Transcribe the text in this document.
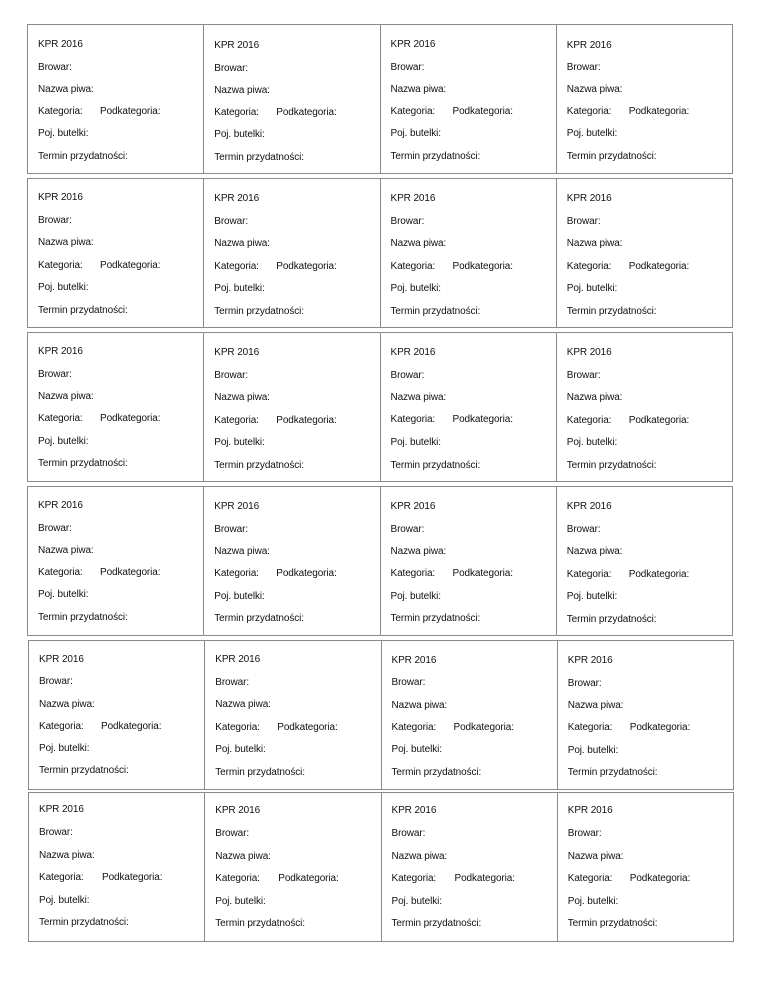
KPR 2016
Browar:
Nazwa piwa:
Kategoria: Podkategoria:
Poj. butelki:
Termin przydatności:
KPR 2016
Browar:
Nazwa piwa:
Kategoria: Podkategoria:
Poj. butelki:
Termin przydatności:
KPR 2016
Browar:
Nazwa piwa:
Kategoria: Podkategoria:
Poj. butelki:
Termin przydatności:
KPR 2016
Browar:
Nazwa piwa:
Kategoria: Podkategoria:
Poj. butelki:
Termin przydatności:
KPR 2016
Browar:
Nazwa piwa:
Kategoria: Podkategoria:
Poj. butelki:
Termin przydatności:
KPR 2016
Browar:
Nazwa piwa:
Kategoria: Podkategoria:
Poj. butelki:
Termin przydatności:
KPR 2016
Browar:
Nazwa piwa:
Kategoria: Podkategoria:
Poj. butelki:
Termin przydatności:
KPR 2016
Browar:
Nazwa piwa:
Kategoria: Podkategoria:
Poj. butelki:
Termin przydatności:
KPR 2016
Browar:
Nazwa piwa:
Kategoria: Podkategoria:
Poj. butelki:
Termin przydatności:
KPR 2016
Browar:
Nazwa piwa:
Kategoria: Podkategoria:
Poj. butelki:
Termin przydatności:
KPR 2016
Browar:
Nazwa piwa:
Kategoria: Podkategoria:
Poj. butelki:
Termin przydatności:
KPR 2016
Browar:
Nazwa piwa:
Kategoria: Podkategoria:
Poj. butelki:
Termin przydatności:
KPR 2016
Browar:
Nazwa piwa:
Kategoria: Podkategoria:
Poj. butelki:
Termin przydatności:
KPR 2016
Browar:
Nazwa piwa:
Kategoria: Podkategoria:
Poj. butelki:
Termin przydatności:
KPR 2016
Browar:
Nazwa piwa:
Kategoria: Podkategoria:
Poj. butelki:
Termin przydatności:
KPR 2016
Browar:
Nazwa piwa:
Kategoria: Podkategoria:
Poj. butelki:
Termin przydatności:
KPR 2016
Browar:
Nazwa piwa:
Kategoria: Podkategoria:
Poj. butelki:
Termin przydatności:
KPR 2016
Browar:
Nazwa piwa:
Kategoria: Podkategoria:
Poj. butelki:
Termin przydatności:
KPR 2016
Browar:
Nazwa piwa:
Kategoria: Podkategoria:
Poj. butelki:
Termin przydatności:
KPR 2016
Browar:
Nazwa piwa:
Kategoria: Podkategoria:
Poj. butelki:
Termin przydatności:
KPR 2016
Browar:
Nazwa piwa:
Kategoria: Podkategoria:
Poj. butelki:
Termin przydatności:
KPR 2016
Browar:
Nazwa piwa:
Kategoria: Podkategoria:
Poj. butelki:
Termin przydatności:
KPR 2016
Browar:
Nazwa piwa:
Kategoria: Podkategoria:
Poj. butelki:
Termin przydatności:
KPR 2016
Browar:
Nazwa piwa:
Kategoria: Podkategoria:
Poj. butelki:
Termin przydatności:
